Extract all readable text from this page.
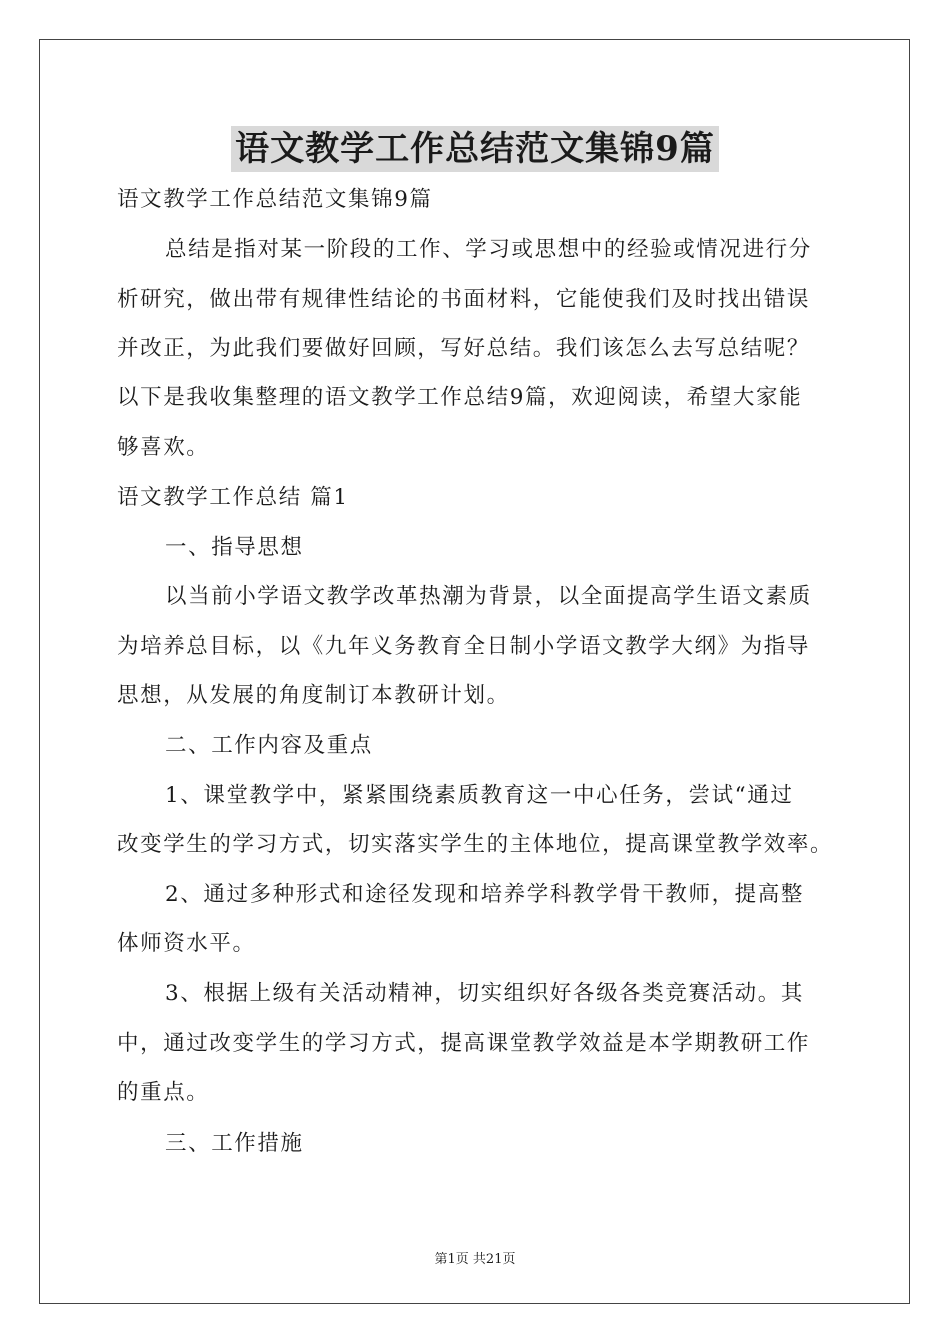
语文教学工作总结范文集锦9篇
语文教学工作总结范文集锦9篇
总结是指对某一阶段的工作、学习或思想中的经验或情况进行分
析研究，做出带有规律性结论的书面材料，它能使我们及时找出错误
并改正，为此我们要做好回顾，写好总结。我们该怎么去写总结呢？
以下是我收集整理的语文教学工作总结9篇，欢迎阅读，希望大家能
够喜欢。
语文教学工作总结 篇1
一、指导思想
以当前小学语文教学改革热潮为背景，以全面提高学生语文素质
为培养总目标，以《九年义务教育全日制小学语文教学大纲》为指导
思想，从发展的角度制订本教研计划。
二、工作内容及重点
1、课堂教学中，紧紧围绕素质教育这一中心任务，尝试“通过
改变学生的学习方式，切实落实学生的主体地位，提高课堂教学效率。
2、通过多种形式和途径发现和培养学科教学骨干教师，提高整
体师资水平。
3、根据上级有关活动精神，切实组织好各级各类竞赛活动。其
中，通过改变学生的学习方式，提高课堂教学效益是本学期教研工作
的重点。
三、工作措施
第1页 共21页
